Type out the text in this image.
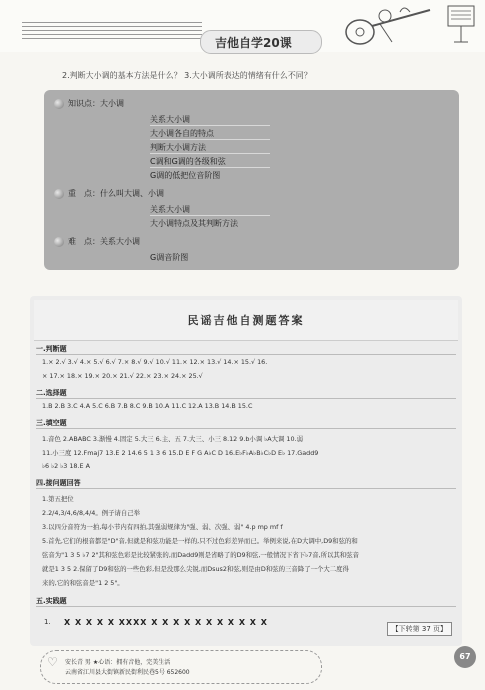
吉他自学20课
2.判断大小调的基本方法是什么？ 3.大小调所表达的情绪有什么不同？
知识点：大小调
关系大小调
大小调各自的特点
判断大小调方法
C调和G调的各级和弦
G调的低把位音阶图
重　点：什么叫大调、小调
关系大小调
大小调特点及其判断方法
难　点：关系大小调
G调音阶图
民谣吉他自测题答案
一.判断题
1.× 2.√ 3.√ 4.× 5.√ 6.√ 7.× 8.√ 9.√ 10.√ 11.× 12.× 13.√ 14.× 15.√ 16.
× 17.× 18.× 19.× 20.× 21.√ 22.× 23.× 24.× 25.√
二.选择题
1.B 2.B 3.C 4.A 5.C 6.B 7.B 8.C 9.B 10.A 11.C 12.A 13.B 14.B 15.C
三.填空题
1.音色 2.ABABC 3.渐慢 4.固定 5.大三 6.主、五 7.大三、小三 8.12 9.b小调 ♭A大调 10.弱
11.小三度 12.Fmaj7 13.E 2 14.6 5 1 3 6 15.D E F G A♭C D 16.E♭F♭A♭B♭C♭D E♭ 17.Gadd9
♭6 ♭2 ♭3 18.E A
四.接问题回答
1.第五把位
2.2/4,3/4,6/8,4/4。例子请自己举
3.以四分音符为一拍,每小节内有四拍,其强弱规律为"强、弱、次强、弱" 4.p mp mf f
5.首先,它们的根音都是"D"音,但就是和弦功能是一样的,只不过色彩差异而已。举例来说,在D大调中,D9和弦的和
弦音为"1 3 5 ♭7 2"其和弦色彩是比较紧张的,而Dadd9则是省略了的D9和弦,一般情况下省下♭7音,所以其和弦音
就是1 3 5 2.保留了D9和弦的一些色彩,但是没那么尖锐,而Dsus2和弦,则是由D和弦的三音降了一个大二度得
来的,它的和弦音是"1 2 5"。
五.实践题
1. X X X X X XXXX X X X X X X X X X X X
【下转第 37 页】
♡ 安长青 男 ★心语：拥有音他，完美生活
云南省江川县大街镇新民街利民巷5号 652600
67
